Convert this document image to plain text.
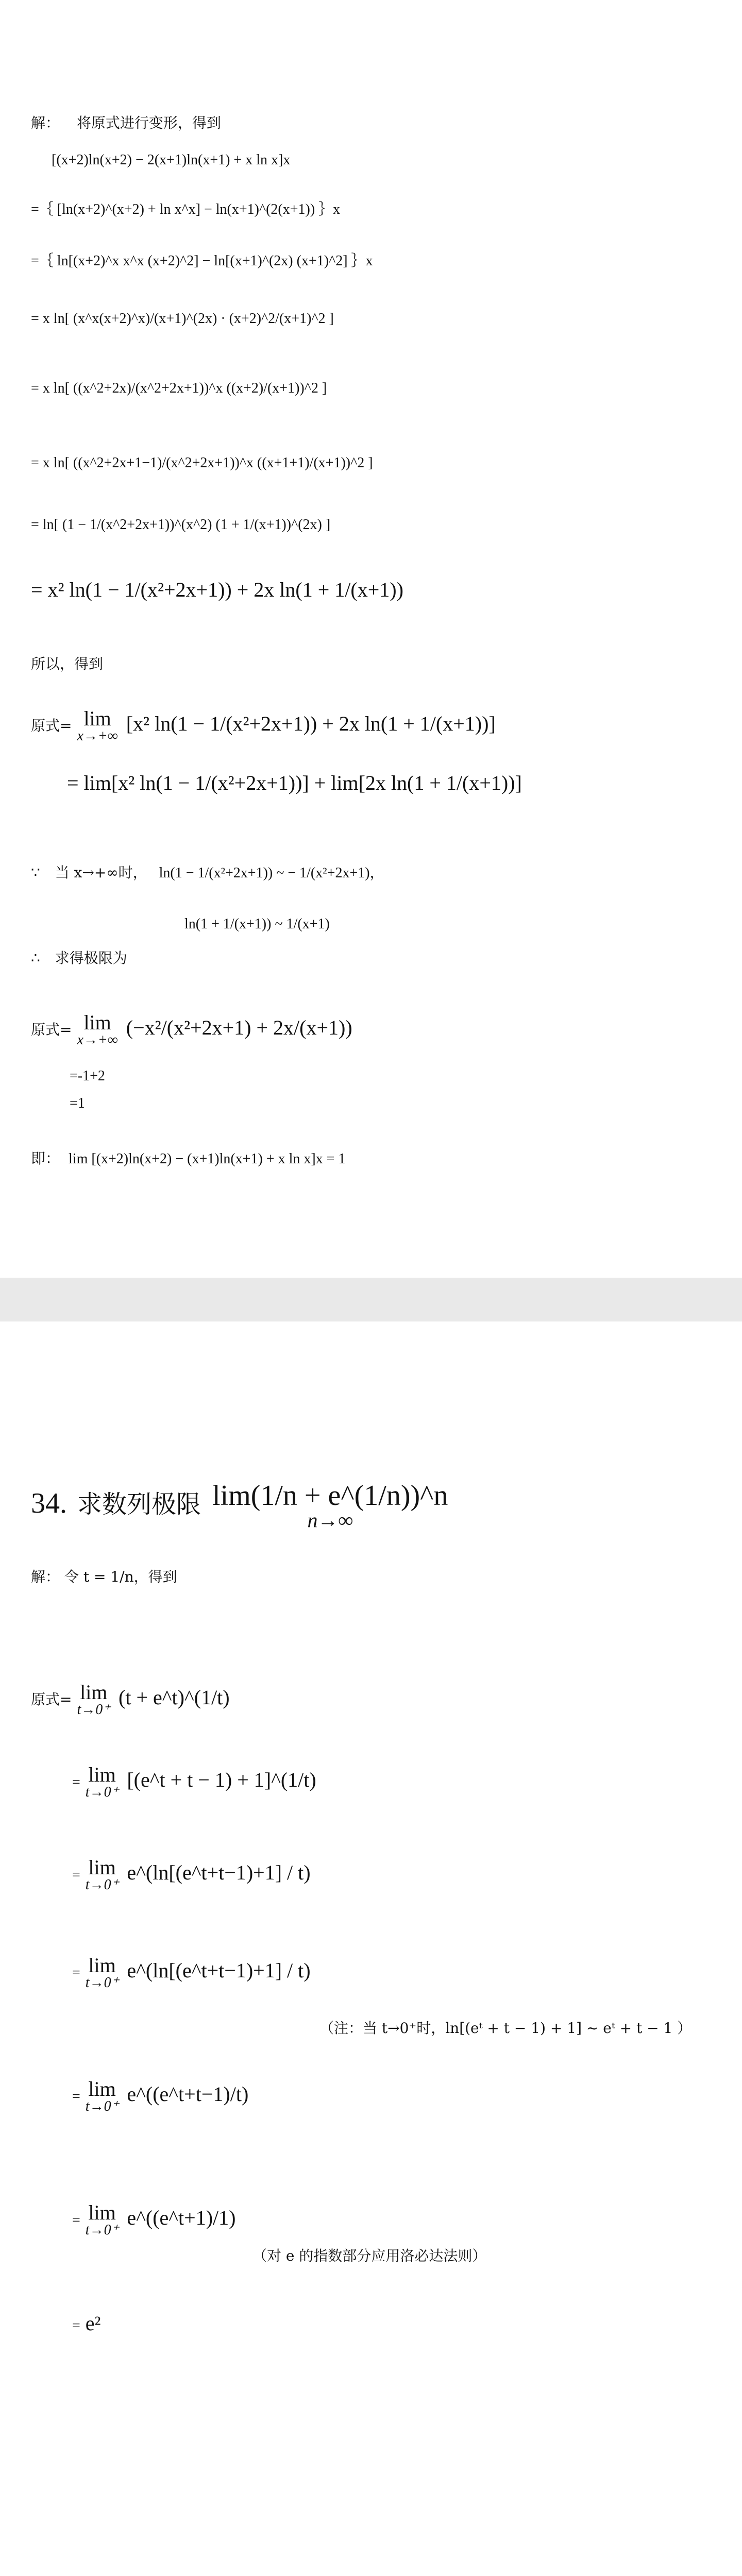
解： 将原式进行变形，得到
[(x+2)ln(x+2) − 2(x+1)ln(x+1) + x ln x]x
=｛ [ln(x+2)^(x+2) + ln x^x] − ln(x+1)^(2(x+1)) ｝x
=｛ ln[(x+2)^x x^x (x+2)^2] − ln[(x+1)^(2x) (x+1)^2] ｝x
= x ln[ (x^x(x+2)^x)/(x+1)^(2x) · (x+2)^2/(x+1)^2 ]
= x ln[ ((x^2+2x)/(x^2+2x+1))^x ((x+2)/(x+1))^2 ]
= x ln[ ((x^2+2x+1−1)/(x^2+2x+1))^x ((x+1+1)/(x+1))^2 ]
= ln[ (1 − 1/(x^2+2x+1))^(x^2) (1 + 1/(x+1))^(2x) ]
= x² ln(1 − 1/(x²+2x+1)) + 2x ln(1 + 1/(x+1))
所以，得到
原式= lim
x→+∞
[x² ln(1 − 1/(x²+2x+1)) + 2x ln(1 + 1/(x+1))]
= lim[x² ln(1 − 1/(x²+2x+1))] + lim[2x ln(1 + 1/(x+1))]
∵ 当 x→+∞时， ln(1 − 1/(x²+2x+1)) ~ − 1/(x²+2x+1)，
ln(1 + 1/(x+1)) ~ 1/(x+1)
∴ 求得极限为
原式= lim
x→+∞
(−x²/(x²+2x+1) + 2x/(x+1))
=-1+2
=1
即： lim [(x+2)ln(x+2) − (x+1)ln(x+1) + x ln x]x = 1
34. 求数列极限 lim(1/n + e^(1/n))^n
n→∞
解： 令 t = 1/n，得到
原式= lim
t→0⁺
(t + e^t)^(1/t)
= lim
t→0⁺
[(e^t + t − 1) + 1]^(1/t)
= lim
t→0⁺
e^(ln[(e^t+t−1)+1] / t)
= lim
t→0⁺
e^(ln[(e^t+t−1)+1] / t)
（注：当 t→0⁺时，ln[(eᵗ + t − 1) + 1] ~ eᵗ + t − 1 ）
= lim
t→0⁺
e^((e^t+t−1)/t)
= lim
t→0⁺
e^((e^t+1)/1)
（对 e 的指数部分应用洛必达法则）
= e²
